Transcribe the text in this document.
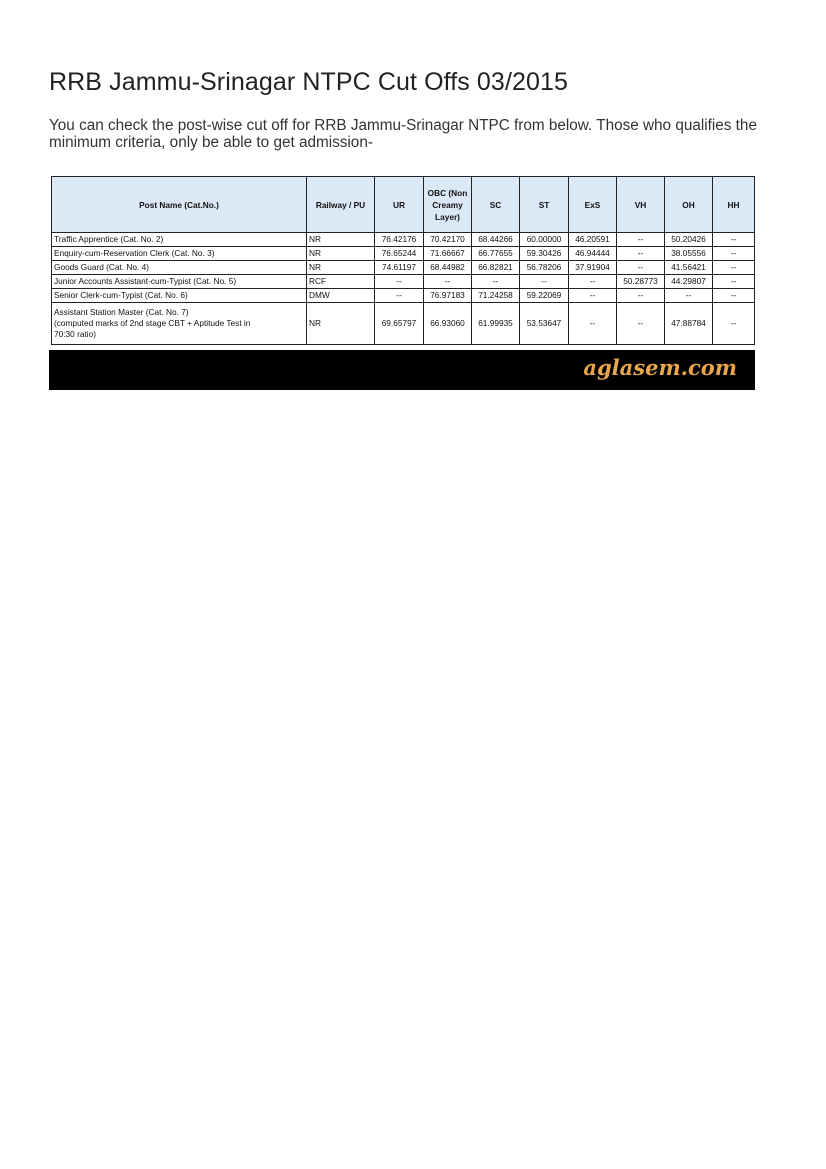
RRB Jammu-Srinagar NTPC Cut Offs 03/2015

You can check the post-wise cut off for RRB Jammu-Srinagar NTPC from below. Those who qualifies the minimum criteria, only be able to get admission-

Post Name (Cat.No.)	Railway / PU	UR	OBC (Non Creamy Layer)	SC	ST	ExS	VH	OH	HH

Traffic Apprentice (Cat. No. 2)	NR	76.42176	70.42170	68.44266	60.00000	46.20591	--	50.20426	--

Enquiry-cum-Reservation Clerk (Cat. No. 3)	NR	76.65244	71.66667	66.77655	59.30426	46.94444	--	38.05556	--

Goods Guard (Cat. No. 4)	NR	74.61197	68.44982	66.82821	56.78206	37.91904	--	41.56421	--

Junior Accounts Assistant-cum-Typist (Cat. No. 5)	RCF	--	--	--	--	--	50.28773	44.29807	--

Senior Clerk-cum-Typist (Cat. No. 6)	DMW	--	76.97183	71.24258	59.22069	--	--	--	--

Assistant Station Master (Cat. No. 7)
(computed marks of 2nd stage CBT + Aptitude Test in
70:30 ratio)	NR	69.65797	66.93060	61.99935	53.53647	--	--	47.88784	--
aglasem.com
